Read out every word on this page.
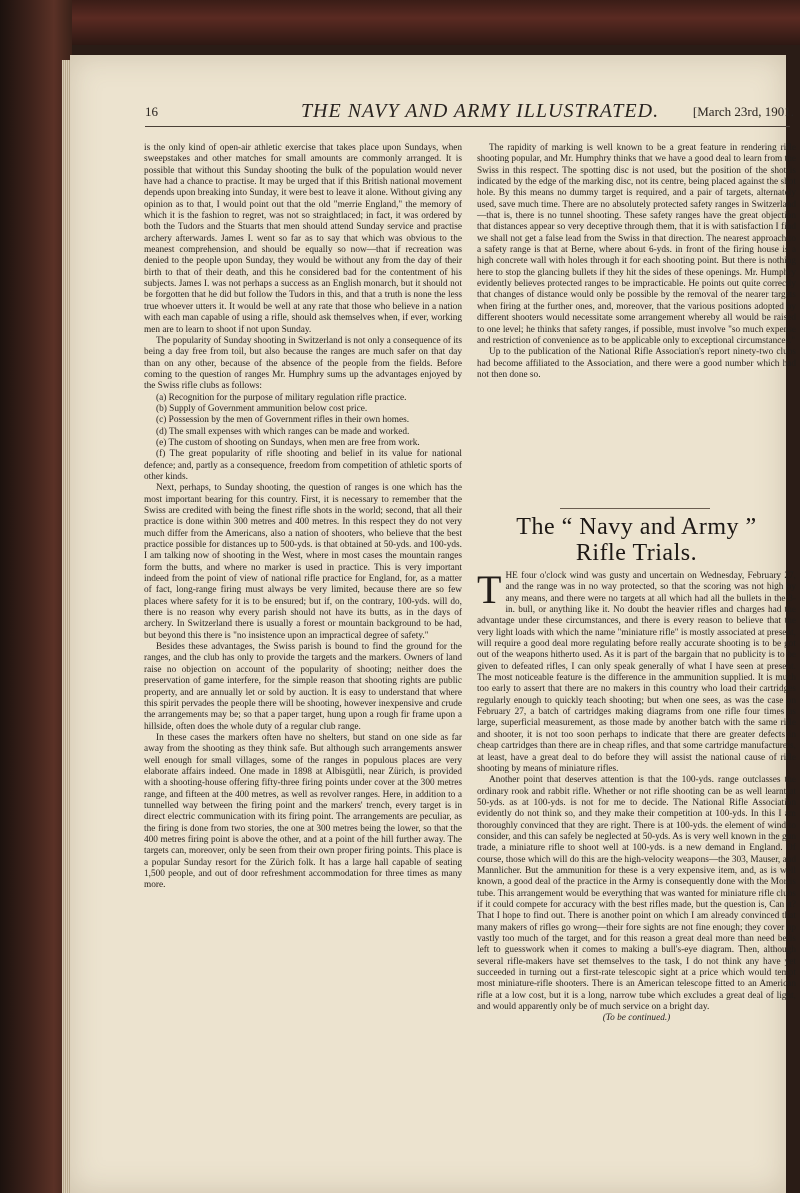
16	THE NAVY AND ARMY ILLUSTRATED.	[March 23rd, 1901.

is the only kind of open-air athletic exercise that takes place upon Sundays, when sweepstakes and other matches for small amounts are commonly arranged. It is possible that without this Sunday shooting the bulk of the population would never have had a chance to practise. It may be urged that if this British national movement depends upon breaking into Sunday, it were best to leave it alone. Without giving any opinion as to that, I would point out that the old "merrie England," the memory of which it is the fashion to regret, was not so straightlaced; in fact, it was ordered by both the Tudors and the Stuarts that men should attend Sunday service and practise archery afterwards. James I. went so far as to say that which was obvious to the meanest comprehension, and should be equally so now—that if recreation was denied to the people upon Sunday, they would be without any from the day of their birth to that of their death, and this he considered bad for the contentment of his subjects. James I. was not perhaps a success as an English monarch, but it should not be forgotten that he did but follow the Tudors in this, and that a truth is none the less true whoever utters it. It would be well at any rate that those who believe in a nation with each man capable of using a rifle, should ask themselves when, if ever, working men are to learn to shoot if not upon Sunday.

The popularity of Sunday shooting in Switzerland is not only a consequence of its being a day free from toil, but also because the ranges are much safer on that day than on any other, because of the absence of the people from the fields. Before coming to the question of ranges Mr. Humphry sums up the advantages enjoyed by the Swiss rifle clubs as follows:

(a) Recognition for the purpose of military regulation rifle practice.

(b) Supply of Government ammunition below cost price.

(c) Possession by the men of Government rifles in their own homes.

(d) The small expenses with which ranges can be made and worked.

(e) The custom of shooting on Sundays, when men are free from work.

(f) The great popularity of rifle shooting and belief in its value for national defence; and, partly as a consequence, freedom from competition of athletic sports of other kinds.

Next, perhaps, to Sunday shooting, the question of ranges is one which has the most important bearing for this country. First, it is necessary to remember that the Swiss are credited with being the finest rifle shots in the world; second, that all their practice is done within 300 metres and 400 metres. In this respect they do not very much differ from the Americans, also a nation of shooters, who believe that the best practice possible for distances up to 500-yds. is that obtained at 50-yds. and 100-yds. I am talking now of shooting in the West, where in most cases the mountain ranges form the butts, and where no marker is used in practice. This is very important indeed from the point of view of national rifle practice for England, for, as a matter of fact, long-range firing must always be very limited, because there are so few places where safety for it is to be ensured; but if, on the contrary, 100-yds. will do, there is no reason why every parish should not have its butts, as in the days of archery. In Switzerland there is usually a forest or mountain background to be had, but beyond this there is "no insistence upon an impractical degree of safety."

Besides these advantages, the Swiss parish is bound to find the ground for the ranges, and the club has only to provide the targets and the markers. Owners of land raise no objection on account of the popularity of shooting; neither does the preservation of game interfere, for the simple reason that shooting rights are public property, and are annually let or sold by auction. It is easy to understand that where this spirit pervades the people there will be shooting, however inexpensive and crude the arrangements may be; so that a paper target, hung upon a rough fir frame upon a hillside, often does the whole duty of a regular club range.

In these cases the markers often have no shelters, but stand on one side as far away from the shooting as they think safe. But although such arrangements answer well enough for small villages, some of the ranges in populous places are very elaborate affairs indeed. One made in 1898 at Albisgütli, near Zürich, is provided with a shooting-house offering fifty-three firing points under cover at the 300 metres range, and fifteen at the 400 metres, as well as revolver ranges. Here, in addition to a tunnelled way between the firing point and the markers' trench, every target is in direct electric communication with its firing point. The arrangements are peculiar, as the firing is done from two stories, the one at 300 metres being the lower, so that the 400 metres firing point is above the other, and at a point of the hill further away. The targets can, moreover, only be seen from their own proper firing points. This place is a popular Sunday resort for the Zürich folk. It has a large hall capable of seating 1,500 people, and out of door refreshment accommodation for three times as many more.

The rapidity of marking is well known to be a great feature in rendering rifle shooting popular, and Mr. Humphry thinks that we have a good deal to learn from the Swiss in this respect. The spotting disc is not used, but the position of the shot is indicated by the edge of the marking disc, not its centre, being placed against the shot hole. By this means no dummy target is required, and a pair of targets, alternately used, save much time. There are no absolutely protected safety ranges in Switzerland—that is, there is no tunnel shooting. These safety ranges have the great objection that distances appear so very deceptive through them, that it is with satisfaction I find we shall not get a false lead from the Swiss in that direction. The nearest approach to a safety range is that at Berne, where about 6-yds. in front of the firing house is a high concrete wall with holes through it for each shooting point. But there is nothing here to stop the glancing bullets if they hit the sides of these openings. Mr. Humphry evidently believes protected ranges to be impracticable. He points out quite correctly that changes of distance would only be possible by the removal of the nearer targets when firing at the further ones, and, moreover, that the various positions adopted by different shooters would necessitate some arrangement whereby all would be raised to one level; he thinks that safety ranges, if possible, must involve "so much expense and restriction of convenience as to be applicable only to exceptional circumstances."

Up to the publication of the National Rifle Association's report ninety-two clubs had become affiliated to the Association, and there were a good number which had not then done so.

The “ Navy and Army ”
Rifle Trials.

THE four o'clock wind was gusty and uncertain on Wednesday, February 27, and the range was in no way protected, so that the scoring was not high by any means, and there were no targets at all which had all the bullets in the 3-in. bull, or anything like it. No doubt the heavier rifles and charges had the advantage under these circumstances, and there is every reason to believe that the very light loads with which the name "miniature rifle" is mostly associated at present, will require a good deal more regulating before really accurate shooting is to be got out of the weapons hitherto used. As it is part of the bargain that no publicity is to be given to defeated rifles, I can only speak generally of what I have seen at present. The most noticeable feature is the difference in the ammunition supplied. It is much too early to assert that there are no makers in this country who load their cartridges regularly enough to quickly teach shooting; but when one sees, as was the case on February 27, a batch of cartridges making diagrams from one rifle four times as large, superficial measurement, as those made by another batch with the same rifle and shooter, it is not too soon perhaps to indicate that there are greater defects in cheap cartridges than there are in cheap rifles, and that some cartridge manufacturers, at least, have a great deal to do before they will assist the national cause of rifle shooting by means of miniature rifles.

Another point that deserves attention is that the 100-yds. range outclasses the ordinary rook and rabbit rifle. Whether or not rifle shooting can be as well learnt at 50-yds. as at 100-yds. is not for me to decide. The National Rifle Association evidently do not think so, and they make their competition at 100-yds. In this I am thoroughly convinced that they are right. There is at 100-yds. the element of wind to consider, and this can safely be neglected at 50-yds. As is very well known in the gun trade, a miniature rifle to shoot well at 100-yds. is a new demand in England. Of course, those which will do this are the high-velocity weapons—the 303, Mauser, and Mannlicher. But the ammunition for these is a very expensive item, and, as is well known, a good deal of the practice in the Army is consequently done with the Morris tube. This arrangement would be everything that was wanted for miniature rifle clubs if it could compete for accuracy with the best rifles made, but the question is, Can it? That I hope to find out. There is another point on which I am already convinced that many makers of rifles go wrong—their fore sights are not fine enough; they cover up vastly too much of the target, and for this reason a great deal more than need be is left to guesswork when it comes to making a bull's-eye diagram. Then, although several rifle-makers have set themselves to the task, I do not think any have yet succeeded in turning out a first-rate telescopic sight at a price which would tempt most miniature-rifle shooters. There is an American telescope fitted to an American rifle at a low cost, but it is a long, narrow tube which excludes a great deal of light, and would apparently only be of much service on a bright day.

(To be continued.)
